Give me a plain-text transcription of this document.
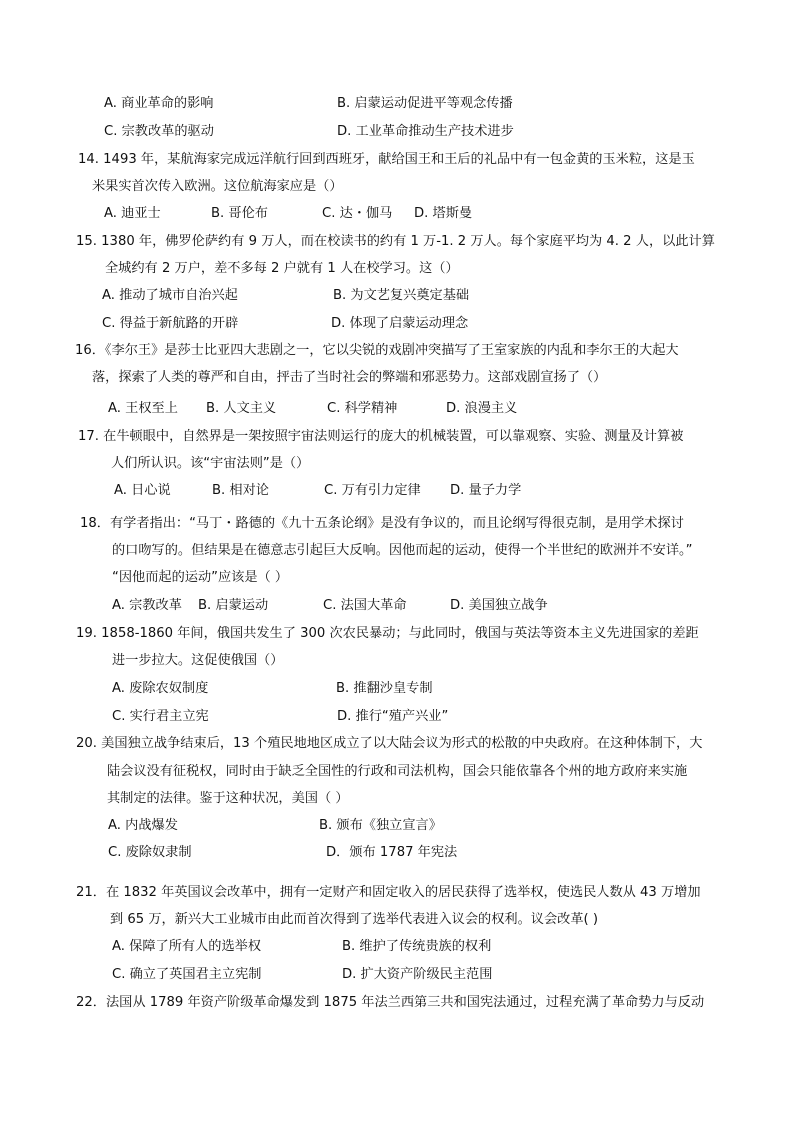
A. 商业革命的影响	B. 启蒙运动促进平等观念传播
C. 宗教改革的驱动	D. 工业革命推动生产技术进步
14. 1493 年，某航海家完成远洋航行回到西班牙，献给国王和王后的礼品中有一包金黄的玉米粒，这是玉
米果实首次传入欧洲。这位航海家应是（）
A. 迪亚士	B. 哥伦布	C. 达・伽马 D. 塔斯曼
15. 1380 年，佛罗伦萨约有 9 万人，而在校读书的约有 1 万-1. 2 万人。每个家庭平均为 4. 2 人，以此计算
全城约有 2 万户，差不多每 2 户就有 1 人在校学习。这（）
A. 推动了城市自治兴起	B. 为文艺复兴奠定基础
C. 得益于新航路的开辟	D. 体现了启蒙运动理念
16．《李尔王》是莎士比亚四大悲剧之一，它以尖锐的戏剧冲突描写了王室家族的内乱和李尔王的大起大
落，探索了人类的尊严和自由，抨击了当时社会的弊端和邪恶势力。这部戏剧宣扬了（）
A. 王权至上 B. 人文主义	C. 科学精神	D. 浪漫主义
17. 在牛顿眼中，自然界是一架按照宇宙法则运行的庞大的机械装置，可以靠观察、实验、测量及计算被
人们所认识。该“宇宙法则”是（）
A. 日心说	B. 相对论	C. 万有引力定律 D. 量子力学
18．有学者指出：“马丁・路德的《九十五条论纲》是没有争议的，而且论纲写得很克制，是用学术探讨
的口吻写的。但结果是在德意志引起巨大反响。因他而起的运动，使得一个半世纪的欧洲并不安详。”
“因他而起的运动”应该是（ ）
A. 宗教改革 B. 启蒙运动	C. 法国大革命	D. 美国独立战争
19. 1858-1860 年间，俄国共发生了 300 次农民暴动；与此同时，俄国与英法等资本主义先进国家的差距
进一步拉大。这促使俄国（）
A. 废除农奴制度	B. 推翻沙皇专制
C. 实行君主立宪	D. 推行“殖产兴业”
20. 美国独立战争结束后，13 个殖民地地区成立了以大陆会议为形式的松散的中央政府。在这种体制下，大
陆会议没有征税权，同时由于缺乏全国性的行政和司法机构，国会只能依靠各个州的地方政府来实施
其制定的法律。鉴于这种状况，美国（ ）
A. 内战爆发	B. 颁布《独立宣言》
C. 废除奴隶制	D．颁布 1787 年宪法
21．在 1832 年英国议会改革中，拥有一定财产和固定收入的居民获得了选举权，使选民人数从 43 万增加
到 65 万，新兴大工业城市由此而首次得到了选举代表进入议会的权利。议会改革( )
A. 保障了所有人的选举权	B. 维护了传统贵族的权利
C. 确立了英国君主立宪制	D. 扩大资产阶级民主范围
22．法国从 1789 年资产阶级革命爆发到 1875 年法兰西第三共和国宪法通过，过程充满了革命势力与反动
